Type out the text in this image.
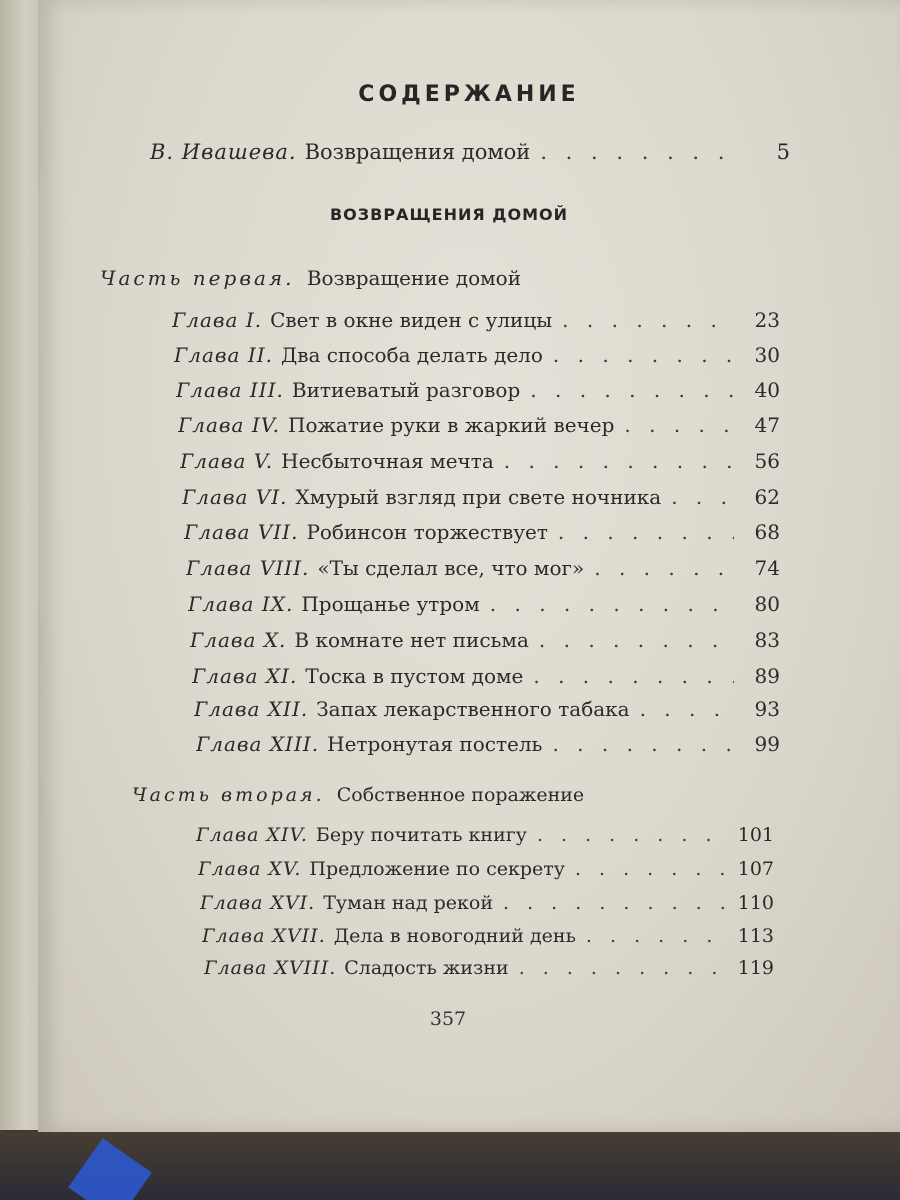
СОДЕРЖАНИЕ
В. Ивашева. Возвращения домой . . .	5
ВОЗВРАЩЕНИЯ ДОМОЙ
Часть первая. Возвращение домой
Глава I. Свет в окне виден с улицы . . .	23
Глава II. Два способа делать дело . . .	30
Глава III. Витиеватый разговор . . .	40
Глава IV. Пожатие руки в жаркий вечер . . .	47
Глава V. Несбыточная мечта . . .	56
Глава VI. Хмурый взгляд при свете ночника . . .	62
Глава VII. Робинсон торжествует . . .	68
Глава VIII. «Ты сделал все, что мог» . . .	74
Глава IX. Прощанье утром . . .	80
Глава X. В комнате нет письма . . .	83
Глава XI. Тоска в пустом доме . . .	89
Глава XII. Запах лекарственного табака . . .	93
Глава XIII. Нетронутая постель . . .	99
Часть вторая. Собственное поражение
Глава XIV. Беру почитать книгу . . .	101
Глава XV. Предложение по секрету . . .	107
Глава XVI. Туман над рекой . . .	110
Глава XVII. Дела в новогодний день . . .	113
Глава XVIII. Сладость жизни . . .	119
357
